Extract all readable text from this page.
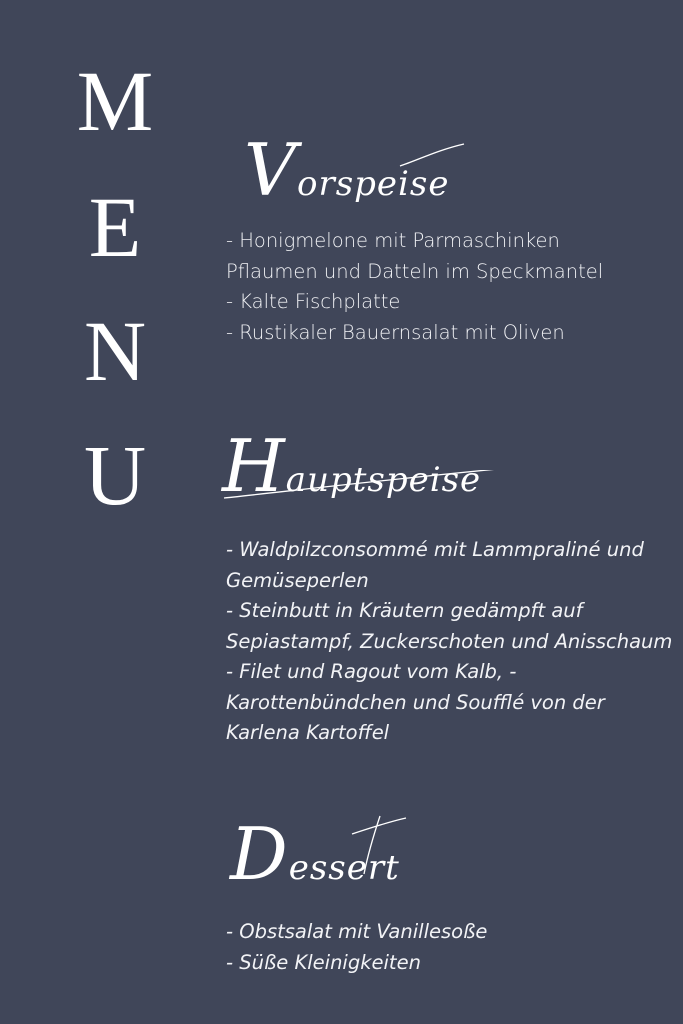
M
E
N
U
Vorspeise
- Honigmelone mit Parmaschinken
Pflaumen und Datteln im Speckmantel
- Kalte Fischplatte
- Rustikaler Bauernsalat mit Oliven
Hauptspeise
- Waldpilzconsommé mit Lammpraliné und
Gemüseperlen
- Steinbutt in Kräutern gedämpft auf
Sepiastampf, Zuckerschoten und Anisschaum
- Filet und Ragout vom Kalb, -
Karottenbündchen und Soufflé von der
Karlena Kartoffel
Dessert
- Obstsalat mit Vanillesoße
- Süße Kleinigkeiten
